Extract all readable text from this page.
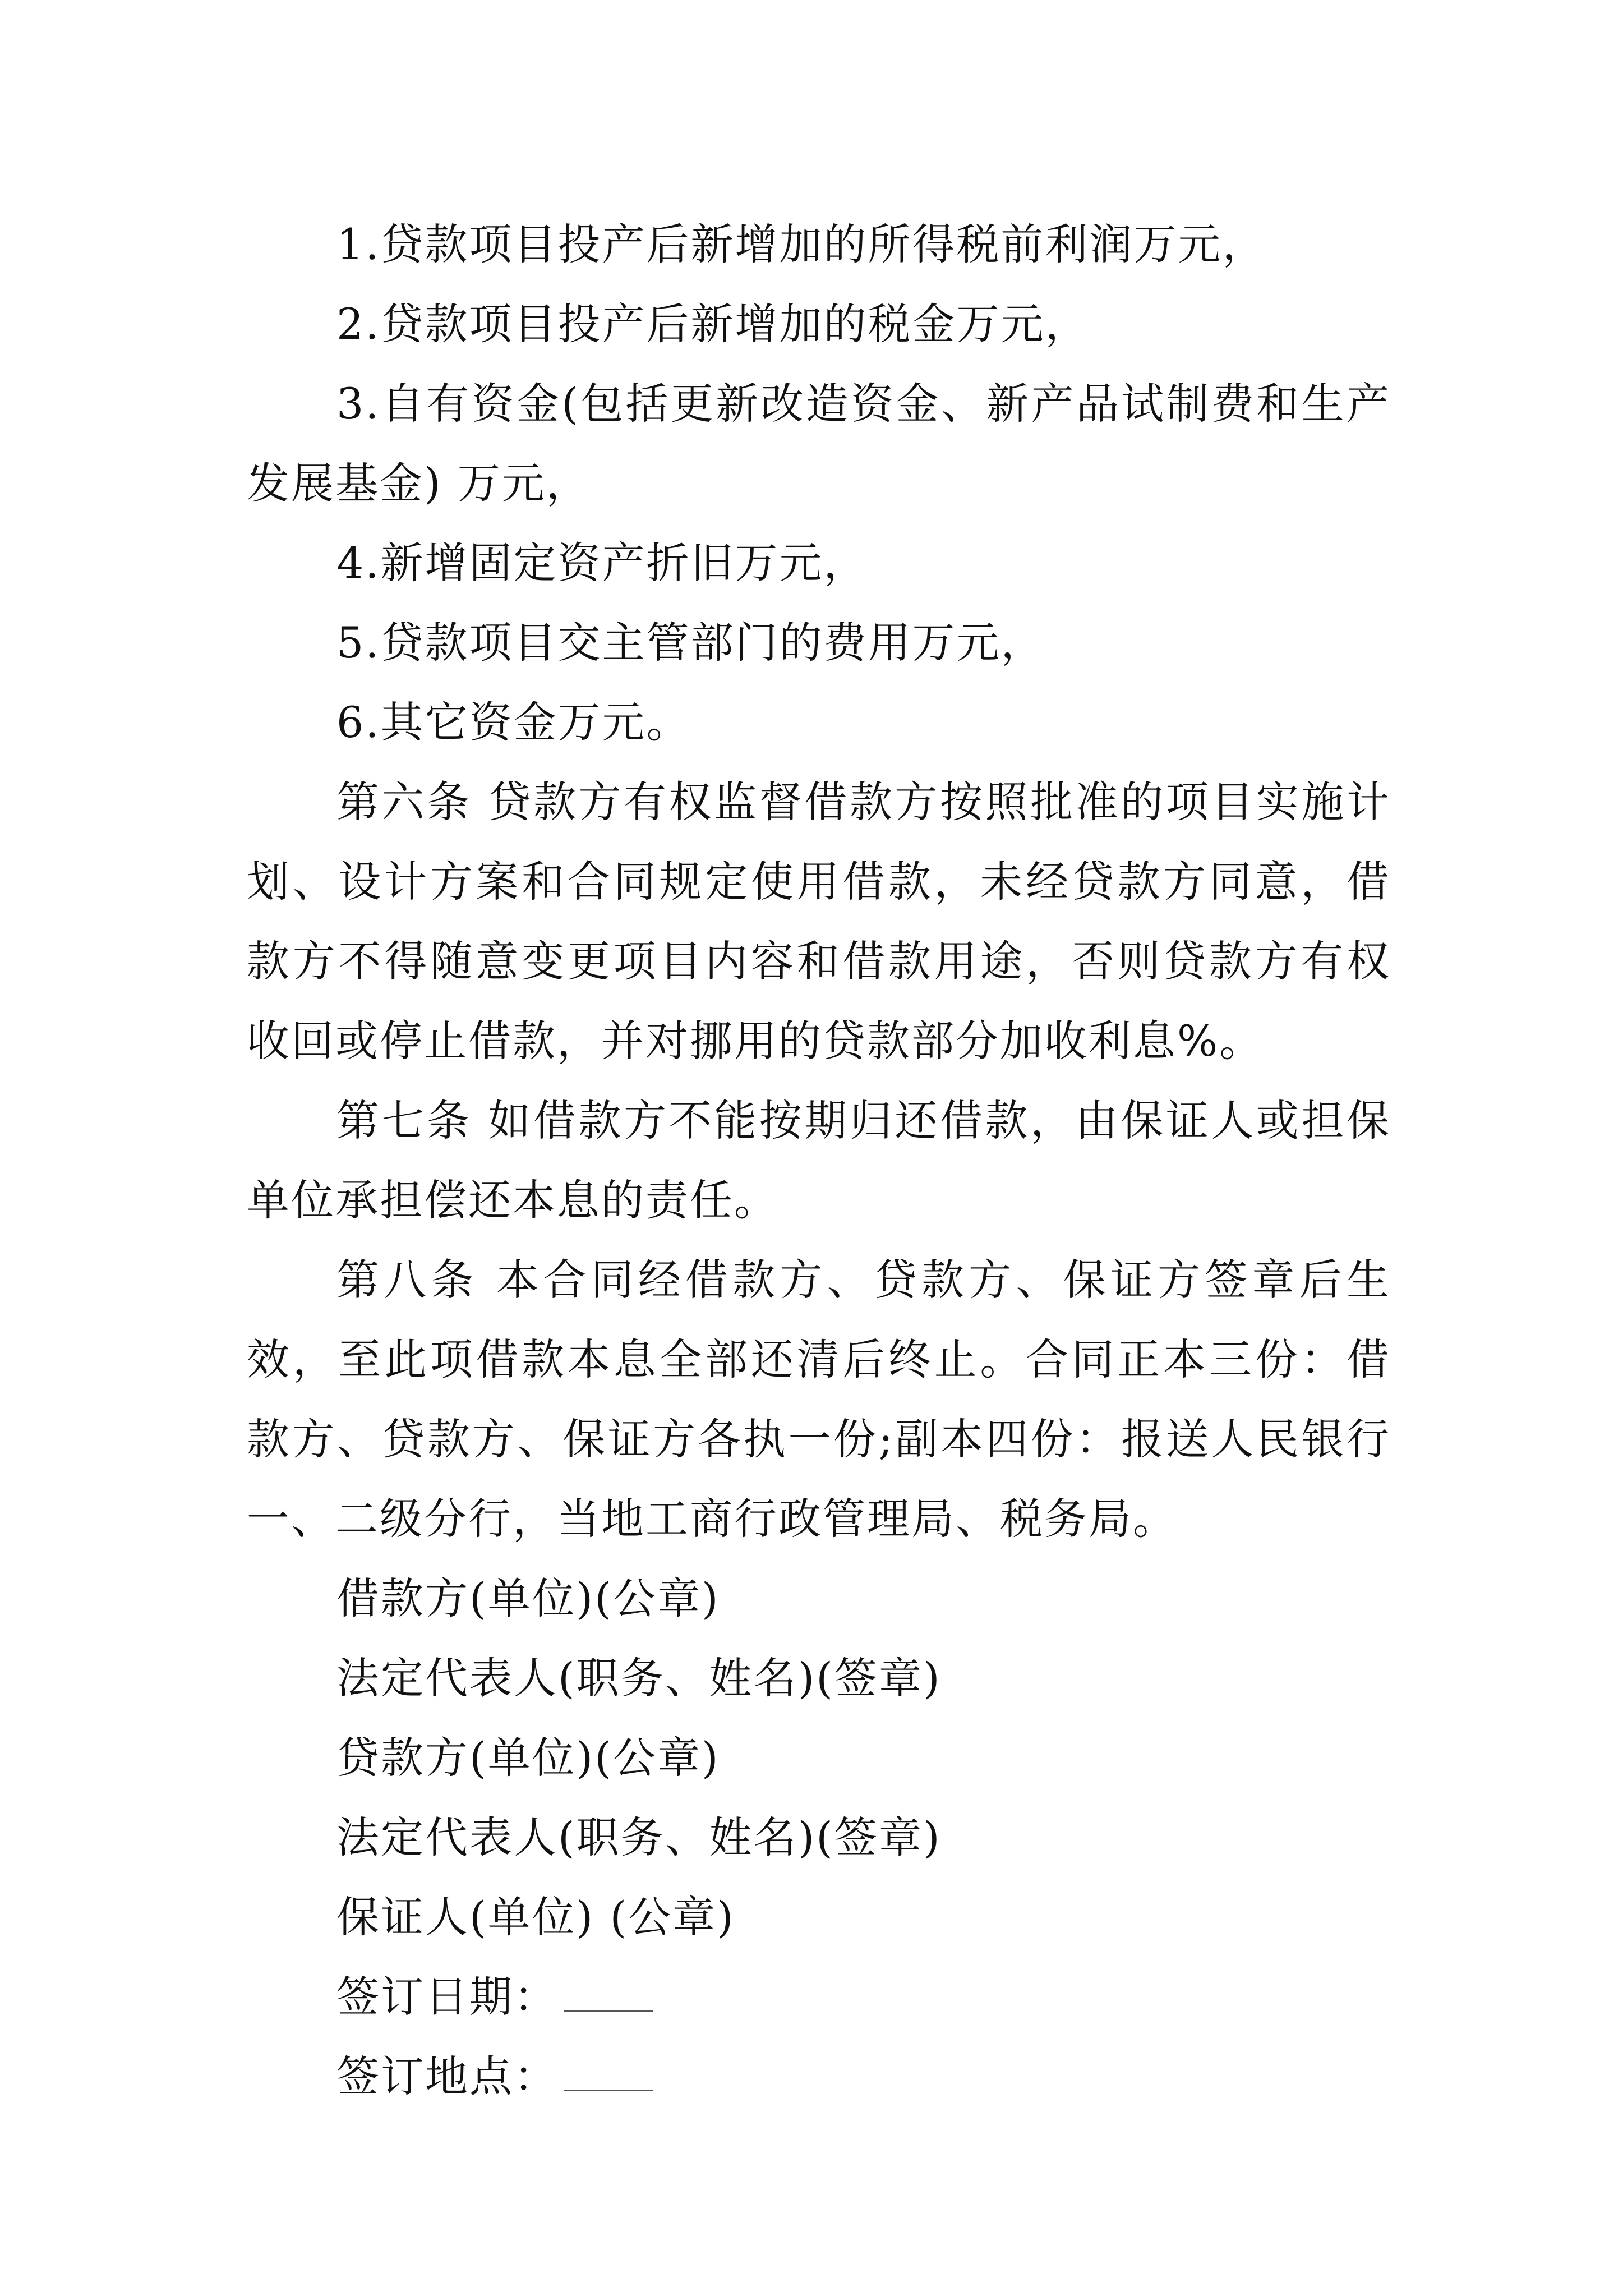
1.贷款项目投产后新增加的所得税前利润万元，

2.贷款项目投产后新增加的税金万元，

3.自有资金(包括更新改造资金、新产品试制费和生产发展基金) 万元，

4.新增固定资产折旧万元，

5.贷款项目交主管部门的费用万元，

6.其它资金万元。

第六条 贷款方有权监督借款方按照批准的项目实施计划、设计方案和合同规定使用借款，未经贷款方同意，借款方不得随意变更项目内容和借款用途，否则贷款方有权收回或停止借款，并对挪用的贷款部分加收利息%。

第七条 如借款方不能按期归还借款，由保证人或担保单位承担偿还本息的责任。

第八条 本合同经借款方、贷款方、保证方签章后生效，至此项借款本息全部还清后终止。合同正本三份：借款方、贷款方、保证方各执一份;副本四份：报送人民银行一、二级分行，当地工商行政管理局、税务局。

借款方(单位)(公章)
法定代表人(职务、姓名)(签章)
贷款方(单位)(公章)
法定代表人(职务、姓名)(签章)
保证人(单位) (公章)
签订日期：
签订地点：
